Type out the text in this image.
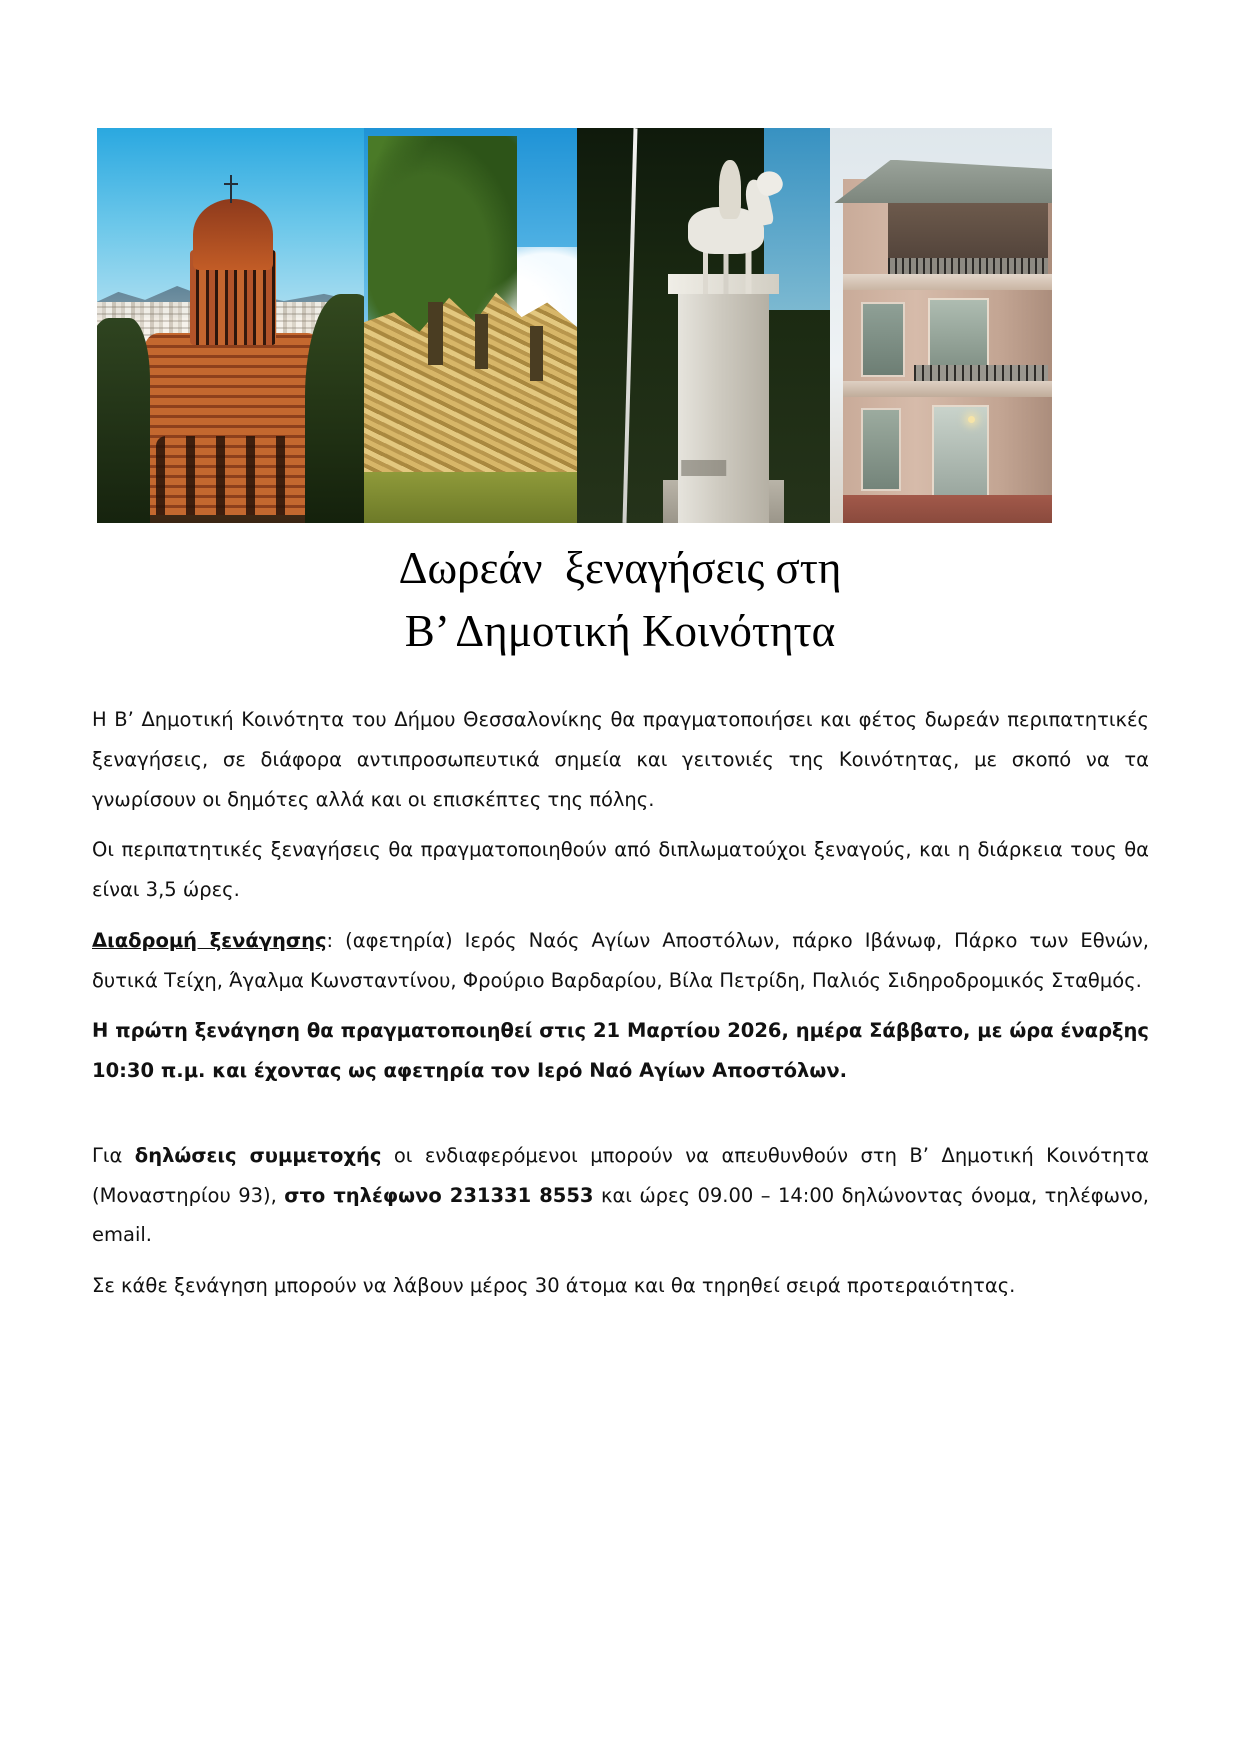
Δωρεάν  ξεναγήσεις στη
Β’ Δημοτική Κοινότητα

Η Β’ Δημοτική Κοινότητα του Δήμου Θεσσαλονίκης θα πραγματοποιήσει και φέτος δωρεάν περιπατητικές ξεναγήσεις, σε διάφορα αντιπροσωπευτικά σημεία και γειτονιές της Κοινότητας, με σκοπό να τα γνωρίσουν οι δημότες αλλά και οι επισκέπτες της πόλης.

Οι περιπατητικές ξεναγήσεις θα πραγματοποιηθούν από διπλωματούχοι ξεναγούς, και η διάρκεια τους θα είναι 3,5 ώρες.

Διαδρομή ξενάγησης: (αφετηρία) Ιερός Ναός Αγίων Αποστόλων, πάρκο Ιβάνωφ, Πάρκο των Εθνών, δυτικά Τείχη, Άγαλμα Κωνσταντίνου, Φρούριο Βαρδαρίου, Βίλα Πετρίδη, Παλιός Σιδηροδρομικός Σταθμός.

Η πρώτη ξενάγηση θα πραγματοποιηθεί στις 21 Μαρτίου 2026, ημέρα Σάββατο, με ώρα έναρξης 10:30 π.μ. και έχοντας ως αφετηρία τον Ιερό Ναό Αγίων Αποστόλων.

Για δηλώσεις συμμετοχής οι ενδιαφερόμενοι μπορούν να απευθυνθούν στη Β’ Δημοτική Κοινότητα (Μοναστηρίου 93), στο τηλέφωνο 231331 8553 και ώρες 09.00 – 14:00 δηλώνοντας όνομα, τηλέφωνο, email.

Σε κάθε ξενάγηση μπορούν να λάβουν μέρος 30 άτομα και θα τηρηθεί σειρά προτεραιότητας.
